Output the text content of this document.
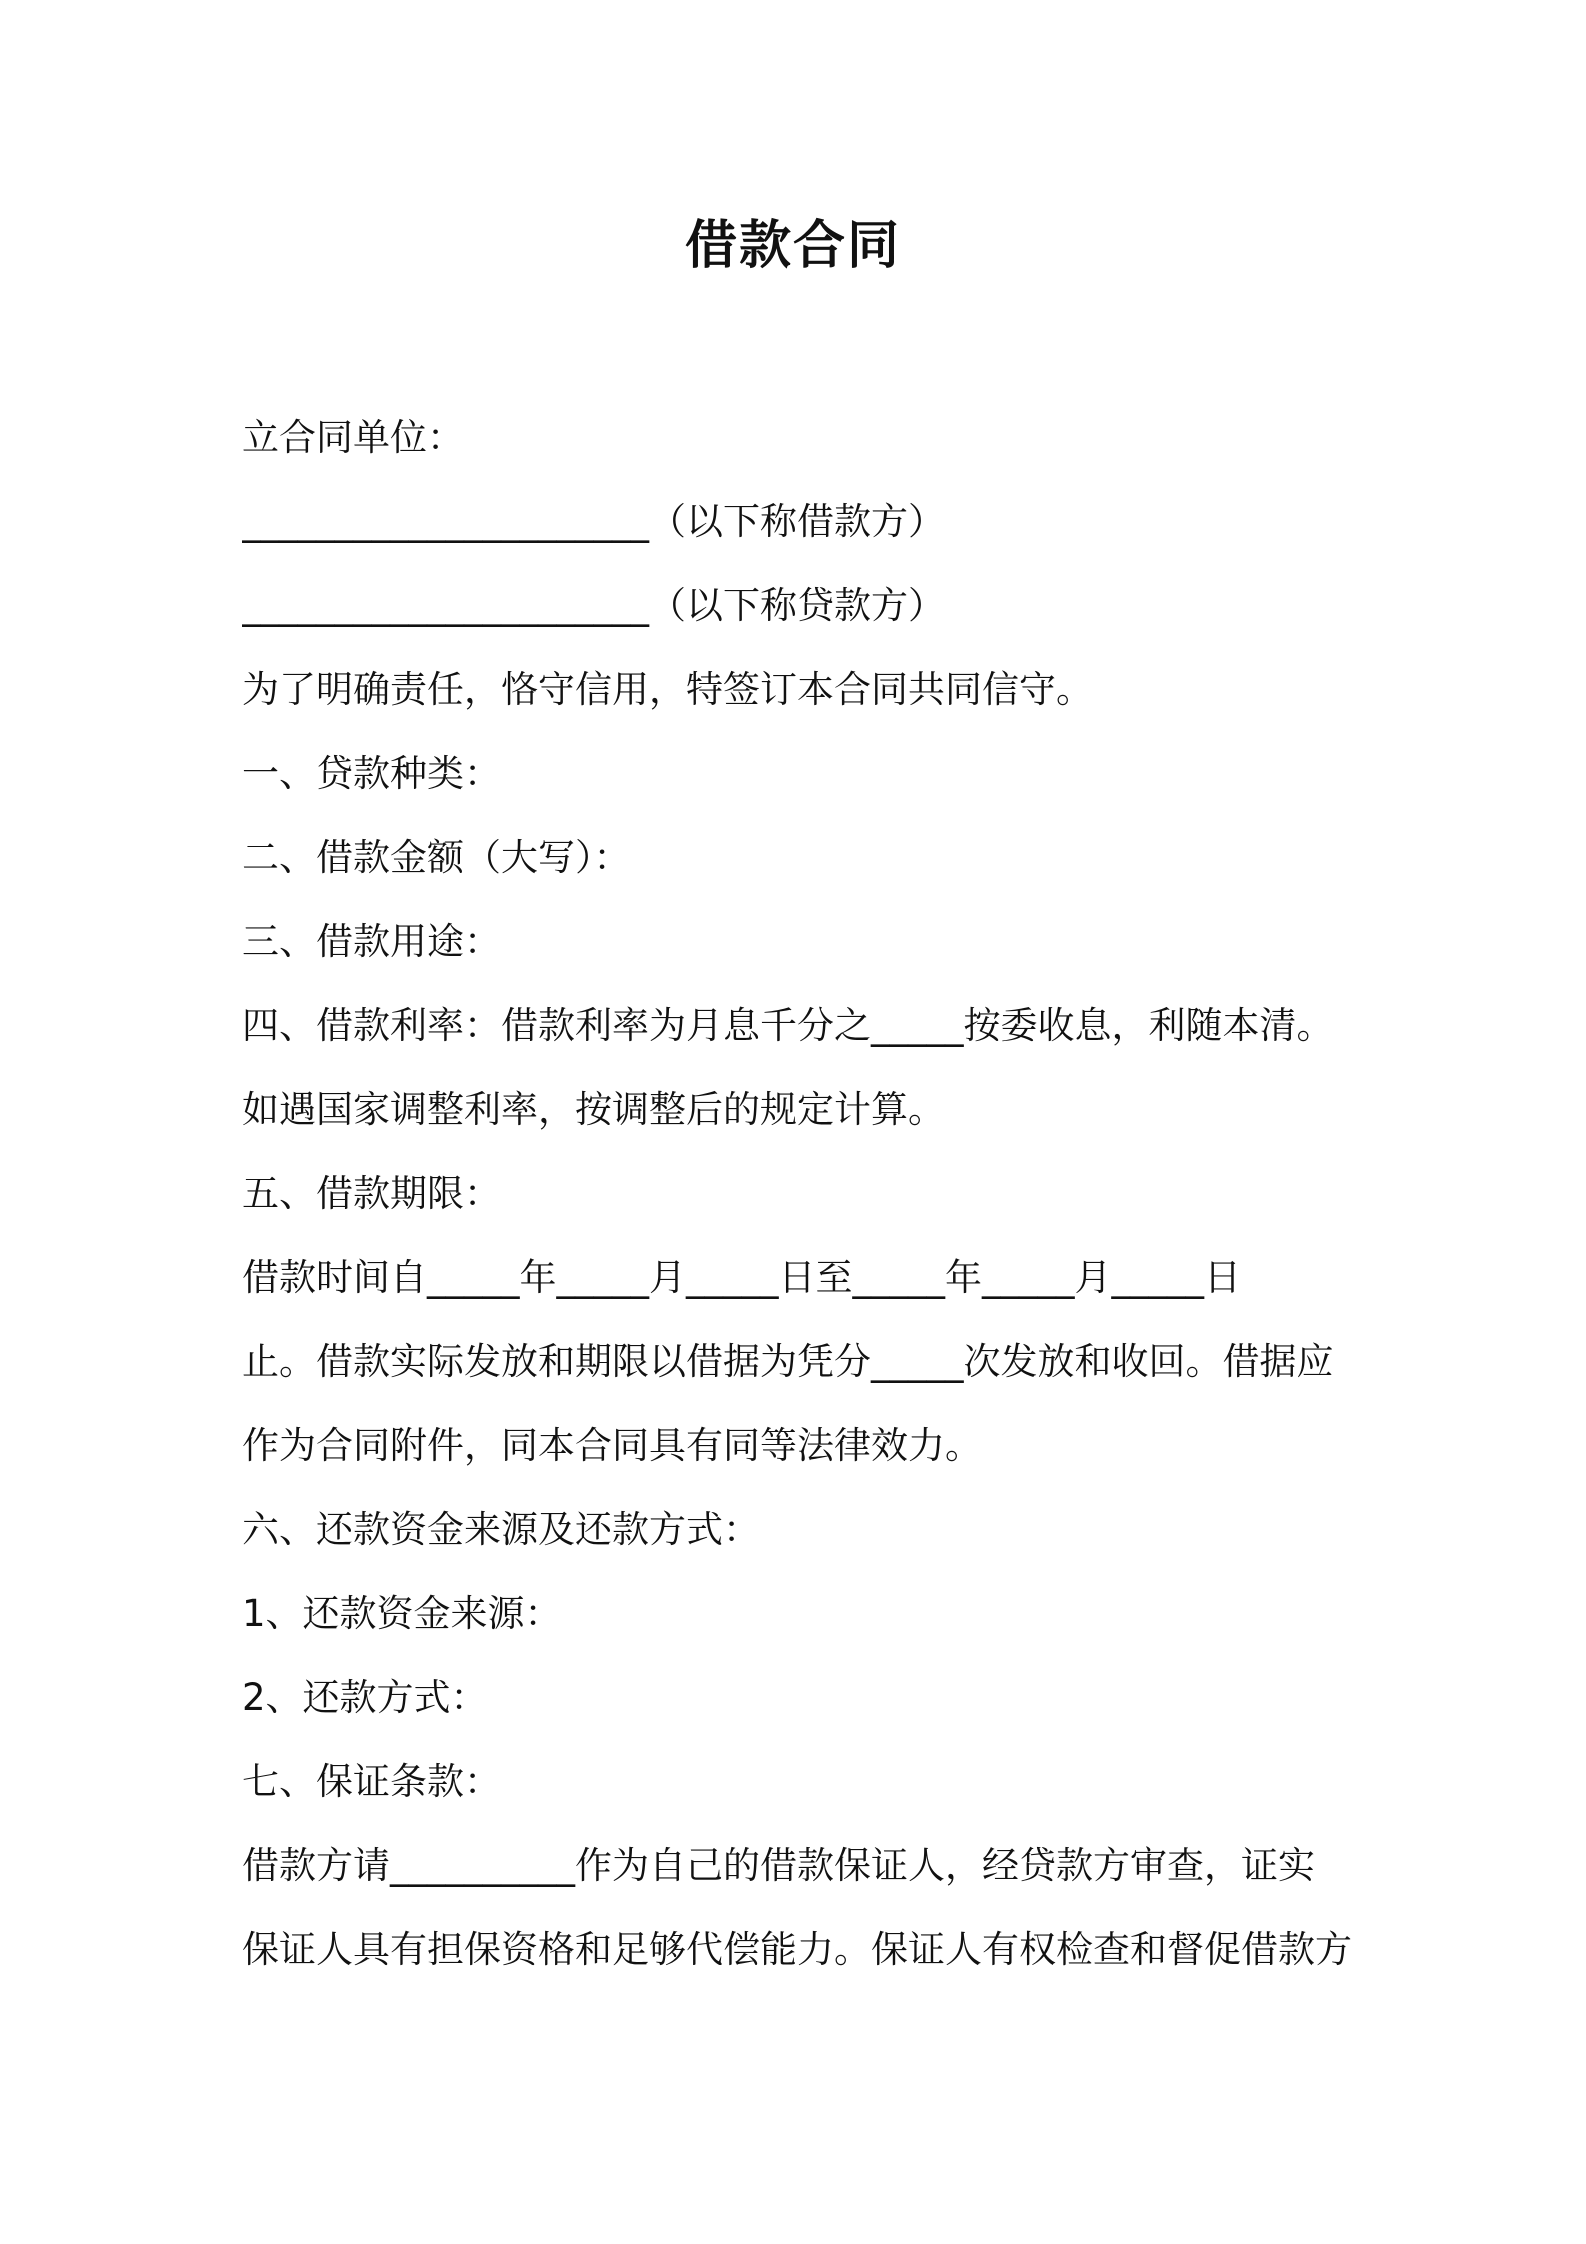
借款合同
立合同单位：
______________________（以下称借款方）
______________________（以下称贷款方）
为了明确责任，恪守信用，特签订本合同共同信守。
一、贷款种类：
二、借款金额（大写）：
三、借款用途：
四、借款利率：借款利率为月息千分之_____按委收息，利随本清。
如遇国家调整利率，按调整后的规定计算。
五、借款期限：
借款时间自_____年_____月_____日至_____年_____月_____日
止。借款实际发放和期限以借据为凭分_____次发放和收回。借据应
作为合同附件，同本合同具有同等法律效力。
六、还款资金来源及还款方式：
1、还款资金来源：
2、还款方式：
七、保证条款：
借款方请__________作为自己的借款保证人，经贷款方审查，证实
保证人具有担保资格和足够代偿能力。保证人有权检查和督促借款方
